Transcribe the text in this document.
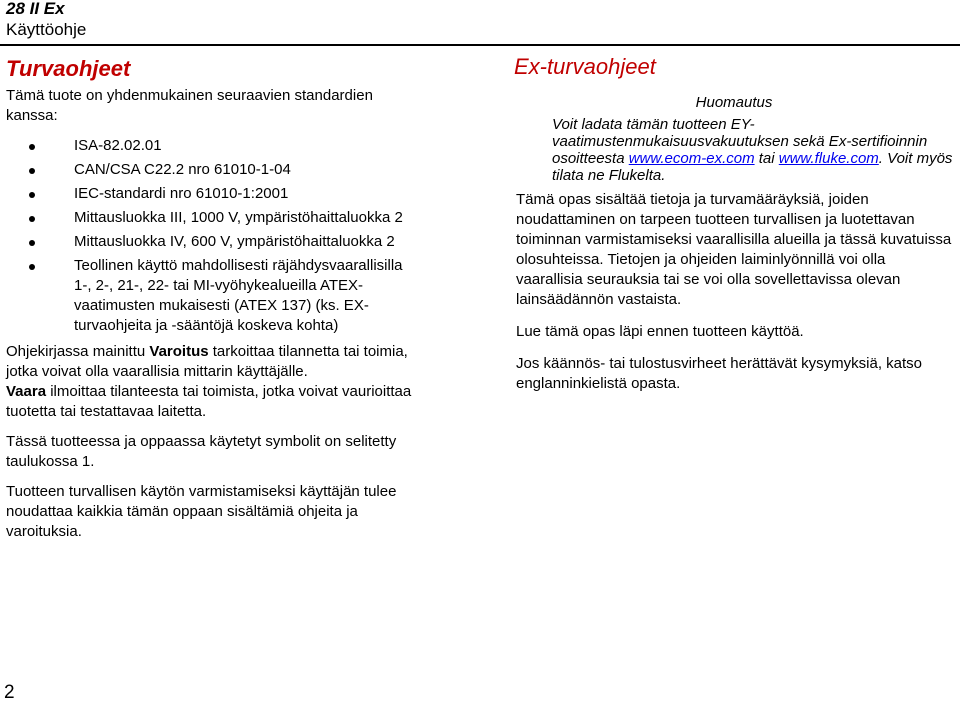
28 II Ex
Käyttöohje
Turvaohjeet

Tämä tuote on yhdenmukainen seuraavien standardien kanssa:

ISA-82.02.01
CAN/CSA C22.2 nro 61010-1-04
IEC-standardi nro 61010-1:2001
Mittausluokka III, 1000 V, ympäristöhaittaluokka 2
Mittausluokka IV, 600 V, ympäristöhaittaluokka 2
Teollinen käyttö mahdollisesti räjähdysvaarallisilla 1-, 2-, 21-, 22- tai MI-vyöhykealueilla ATEX-vaatimusten mukaisesti (ATEX 137) (ks. EX-turvaohjeita ja -sääntöjä koskeva kohta)

Ohjekirjassa mainittu Varoitus tarkoittaa tilannetta tai toimia, jotka voivat olla vaarallisia mittarin käyttäjälle.
Vaara ilmoittaa tilanteesta tai toimista, jotka voivat vaurioittaa tuotetta tai testattavaa laitetta.

Tässä tuotteessa ja oppaassa käytetyt symbolit on selitetty taulukossa 1.

Tuotteen turvallisen käytön varmistamiseksi käyttäjän tulee noudattaa kaikkia tämän oppaan sisältämiä ohjeita ja varoituksia.

Ex-turvaohjeet
Huomautus
Voit ladata tämän tuotteen EY-vaatimustenmukaisuusvakuutuksen sekä Ex-sertifioinnin osoitteesta www.ecom-ex.com tai www.fluke.com. Voit myös tilata ne Flukelta.

Tämä opas sisältää tietoja ja turvamääräyksiä, joiden noudattaminen on tarpeen tuotteen turvallisen ja luotettavan toiminnan varmistamiseksi vaarallisilla alueilla ja tässä kuvatuissa olosuhteissa. Tietojen ja ohjeiden laiminlyönnillä voi olla vaarallisia seurauksia tai se voi olla sovellettavissa olevan lainsäädännön vastaista.

Lue tämä opas läpi ennen tuotteen käyttöä.

Jos käännös- tai tulostusvirheet herättävät kysymyksiä, katso englanninkielistä opasta.

2
